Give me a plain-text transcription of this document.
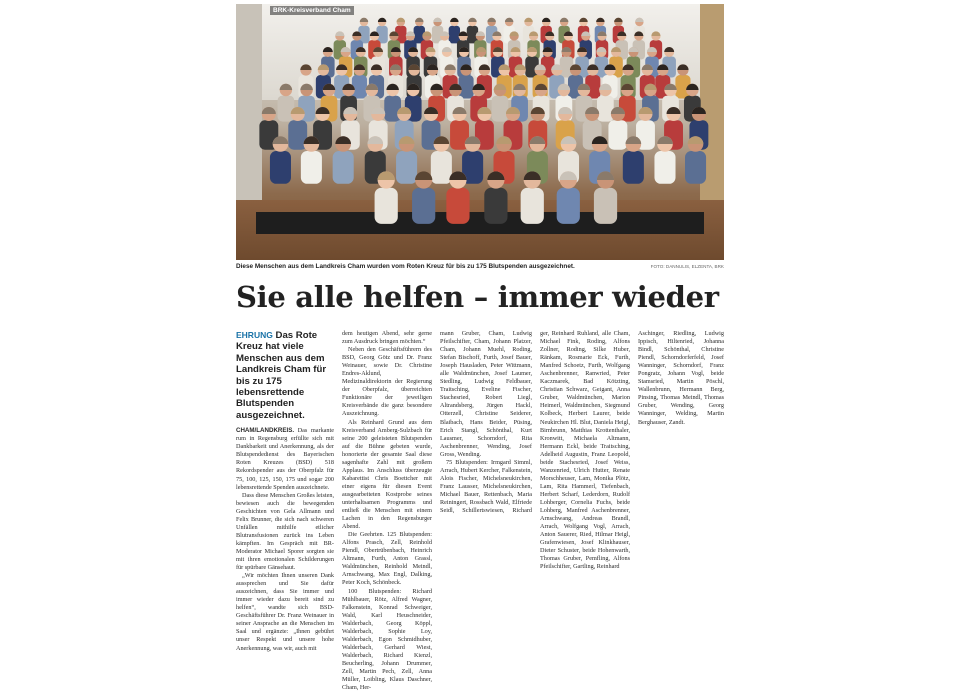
BRK-Kreisverband Cham
Diese Menschen aus dem Landkreis Cham wurden vom Roten Kreuz für bis zu 175 Blutspenden ausgezeichnet.	FOTO: DANNULIS, ELZENTA, BRK
Sie alle helfen – immer wieder
EHRUNG Das Rote Kreuz hat viele Menschen aus dem Landkreis Cham für bis zu 175 lebensrettende Blutspenden ausgezeichnet.

CHAM/LANDKREIS. Das markante rum in Regensburg erfüllte sich mit Dankbarkeit und Anerkennung, als der Blutspendedienst des Bayerischen Roten Kreuzes (BSD) 518 Rekordspender aus der Oberpfalz für 75, 100, 125, 150, 175 und sogar 200 lebensrettende Spenden auszeichnete.

Dass diese Menschen Großes leisten, bewiesen auch die bewegenden Geschichten von Gela Allmann und Felix Brunner, die sich nach schweren Unfällen mithilfe etlicher Blutransfusionen zurück ins Leben kämpften. Im Gespräch mit BR-Moderator Michael Sporer sorgten sie mit ihren emotionalen Schilderungen für spürbare Gänsehaut.

„Wir möchten Ihnen unseren Dank aussprechen und Sie dafür auszeichnen, dass Sie immer und immer wieder dazu bereit sind zu helfen“, wandte sich BSD-Geschäftsführer Dr. Franz Weinauer in seiner Ansprache an die Menschen im Saal und ergänzte: „Ihnen gebührt unser Respekt und unsere hohe Anerkennung, was wir, auch mit

dem heutigen Abend, sehr gerne zum Ausdruck bringen möchten.“

Neben den Geschäftsführern des BSD, Georg Götz und Dr. Franz Weinauer, sowie Dr. Christine Endres-Aklund, Medizinaldirektorin der Regierung der Oberpfalz, überreichten Funktionäre der jeweiligen Kreisverbände die ganz besondere Auszeichnung.

Als Reinhard Grund aus dem Kreisverband Amberg-Sulzbach für seine 200 geleisteten Blutspenden auf die Bühne gebeten wurde, honorierte der gesamte Saal diese sagenhafte Zahl mit großem Applaus. Im Anschluss überzeugte Kabarettist Chris Boettcher mit einer eigens für diesen Event ausgearbeiteten Kostprobe seines unterhaltsamen Programms und entließ die Menschen mit einem Lachen in den Regensburger Abend.

Die Geehrten. 125 Blutspenden: Alfons Prasch, Zell, Reinhold Piendl, Obertrübenbach, Heinrich Altmann, Furth, Anton Grassl, Waldmünchen, Reinhold Meindl, Arnschwang, Max Engl, Dalking, Peter Koch, Schönbeck.

100 Blutspenden: Richard Mühlbauer, Rötz, Alfred Wagner, Falkenstein, Konrad Schweiger, Wald, Karl Heuschneider, Walderbach, Georg Köppl, Walderbach, Sophie Loy, Walderbach, Egon Schmidhuber, Walderbach, Gerhard Wiest, Walderbach, Richard Kienzl, Beucherling, Johann Drummer, Zell, Martin Pech, Zell, Anna Müller, Loibling, Klaus Daschner, Cham, Her-

mann Gruber, Cham, Ludwig Pfeilschifter, Cham, Johann Platzer, Cham, Johann Muehl, Roding, Stefan Bischoff, Furth, Josef Bauer, Joseph Hausladen, Peter Wittmann, alle Waldmünchen, Josef Laumer, Stedling, Ludwig Feldbauer, Traitsching, Eveline Fischer, Stachesried, Robert Liegl, Altrandsberg, Jürgen Hackl, Otterzell, Christine Seiderer, Blaibach, Hans Beider, Püsing, Erich Stangl, Schönthal, Kurt Lausmer, Schorndorf, Rita Aschenbrenner, Wending, Josef Gross, Wending.

75 Blutspenden: Irmgard Simml, Arrach, Hubert Kercher, Falkenstein, Alois Fischer, Michelsneukirchen, Franz Lausser, Michelsneukirchen, Michael Bauer, Rettenbach, Maria Reiningert, Rossbach Wald, Elfriede Seidl, Schillertswiesen, Richard

ger, Reinhard Ruhland, alle Cham, Michael Fink, Roding, Alfons Zollner, Roding, Silke Huber, Ränkam, Rosmarie Eck, Furth, Manfred Schoetz, Furth, Wolfgang Aschenbrenner, Ranwried, Peter Kaczmarek, Bad Kötzting, Christian Schwarz, Geigant, Anna Gruber, Waldmünchen, Marion Heimerl, Waldmünchen, Siegmund Kolbeck, Herbert Laurer, beide Neukirchen Hl. Blut, Daniela Heigl, Birnbrunn, Matthias Krottenthaler, Kronwitt, Michaela Altmann, Hermann Eckl, beide Traitsching, Adelheid Augustin, Franz Leopold, beide Stachesried, Josef Weiss, Wanzenried, Ulrich Hutter, Renate Morschheuser, Lam, Monika Plötz, Lam, Rita Hammerl, Tiefenbach, Herbert Scharf, Lederdorn, Rudolf Lohberger, Cornelia Fuchs, beide Lohberg, Manfred Aschenbrenner, Arnschwang, Andreas Brandl, Arrach, Wolfgang Vogl, Arrach, Anton Sauerer, Ried, Hilmar Heigl, Grafenwiesen, Josef Klinkhauser, Dieter Schuster, beide Hohenwarth, Thomas Gruber, Pemfling, Alfons Pfeilschifter, Gartling, Reinhard

Aschinger, Riedling, Ludwig Ippisch, Hiltenried, Johanna Bindl, Schönthal, Christine Piendl, Schorndorferfeld, Josef Wanninger, Schorndorf, Franz Pongratz, Johann Vogl, beide Stamsried, Martin Pöschl, Wallenbrunn, Hermann Berg, Pinsing, Thomas Meindl, Thomas Gruber, Wending, Georg Wanninger, Welding, Martin Berghauser, Zandt.
